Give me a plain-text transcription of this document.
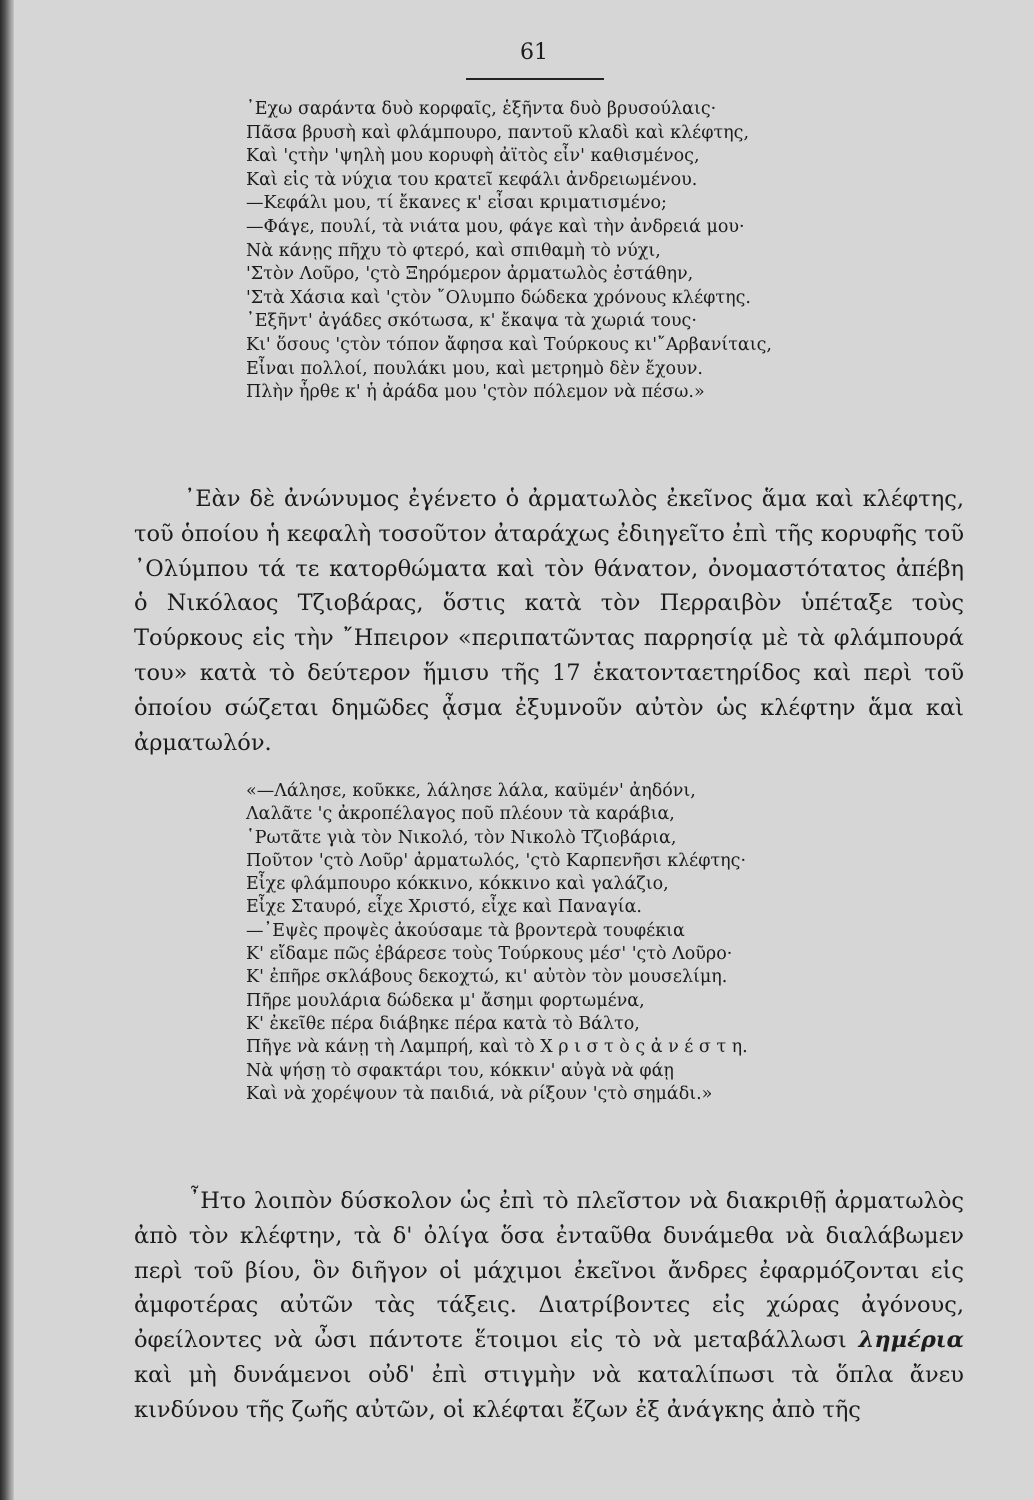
61
᾿Εχω σαράντα δυὸ κορφαῖς, ἑξῆντα δυὸ βρυσούλαις·
Πᾶσα βρυσὴ καὶ φλάμπουρο, παντοῦ κλαδὶ καὶ κλέφτης,
Καὶ 'ςτὴν 'ψηλὴ μου κορυφὴ ἀϊτὸς εἶν' καθισμένος,
Καὶ εἰς τὰ νύχια του κρατεῖ κεφάλι ἀνδρειωμένου.
—Κεφάλι μου, τί ἔκανες κ' εἶσαι κριματισμένο;
—Φάγε, πουλί, τὰ νιάτα μου, φάγε καὶ τὴν ἀνδρειά μου·
Νὰ κάνῃς πῆχυ τὸ φτερό, καὶ σπιθαμὴ τὸ νύχι,
'Στὸν Λοῦρο, 'ςτὸ Ξηρόμερον ἀρματωλὸς ἐστάθην,
'Στὰ Χάσια καὶ 'ςτὸν ῎Ολυμπο δώδεκα χρόνους κλέφτης.
᾿Εξῆντ' ἀγάδες σκότωσα, κ' ἔκαψα τὰ χωριά τους·
Κι' ὅσους 'ςτὸν τόπον ἄφησα καὶ Τούρκους κι'῎Αρβανίταις,
Εἶναι πολλοί, πουλάκι μου, καὶ μετρημὸ δὲν ἔχουν.
Πλὴν ἦρθε κ' ἡ ἀράδα μου 'ςτὸν πόλεμον νὰ πέσω.»

᾿Εὰν δὲ ἀνώνυμος ἐγένετο ὁ ἀρματωλὸς ἐκεῖνος ἅμα καὶ κλέφτης, τοῦ ὁποίου ἡ κεφαλὴ τοσοῦτον ἀταράχως ἐδιηγεῖτο ἐπὶ τῆς κορυφῆς τοῦ ᾿Ολύμπου τά τε κατορθώματα καὶ τὸν θάνατον, ὀνομαστότατος ἀπέβη ὁ Νικόλαος Τζιοβάρας, ὅστις κατὰ τὸν Περραιβὸν ὑπέταξε τοὺς Τούρκους εἰς τὴν ῎Ηπειρον «περιπατῶντας παρρησίᾳ μὲ τὰ φλάμπουρά του» κατὰ τὸ δεύτερον ἥμισυ τῆς 17 ἑκατονταετηρίδος καὶ περὶ τοῦ ὁποίου σώζεται δημῶδες ᾆσμα ἐξυμνοῦν αὐτὸν ὡς κλέφτην ἅμα καὶ ἀρματωλόν.

«—Λάλησε, κοῦκκε, λάλησε λάλα, καϋμέν' ἀηδόνι,
Λαλᾶτε 'ς ἀκροπέλαγος ποῦ πλέουν τὰ καράβια,
῾Ρωτᾶτε γιὰ τὸν Νικολό, τὸν Νικολὸ Τζιοβάρια,
Ποῦτον 'ςτὸ Λοῦρ' ἀρματωλός, 'ςτὸ Καρπενῆσι κλέφτης·
Εἶχε φλάμπουρο κόκκινο, κόκκινο καὶ γαλάζιο,
Εἶχε Σταυρό, εἶχε Χριστό, εἶχε καὶ Παναγία.
—᾿Εψὲς προψὲς ἀκούσαμε τὰ βροντερὰ τουφέκια
Κ' εἴδαμε πῶς ἐβάρεσε τοὺς Τούρκους μέσ' 'ςτὸ Λοῦρο·
Κ' ἐπῆρε σκλάβους δεκοχτώ, κι' αὐτὸν τὸν μουσελίμη.
Πῆρε μουλάρια δώδεκα μ' ἄσημι φορτωμένα,
Κ' ἐκεῖθε πέρα διάβηκε πέρα κατὰ τὸ Βάλτο,
Πῆγε νὰ κάνῃ τὴ Λαμπρή, καὶ τὸ Χ ρ ι σ τ ὸ ς ἀ ν έ σ τ η.
Νὰ ψήσῃ τὸ σφακτάρι του, κόκκιν' αὐγὰ νὰ φάῃ
Καὶ νὰ χορέψουν τὰ παιδιά, νὰ ρίξουν 'ςτὸ σημάδι.»

῏Ητο λοιπὸν δύσκολον ὡς ἐπὶ τὸ πλεῖστον νὰ διακριθῇ ἀρματωλὸς ἀπὸ τὸν κλέφτην, τὰ δ' ὀλίγα ὅσα ἐνταῦθα δυνάμεθα νὰ διαλάβωμεν περὶ τοῦ βίου, ὃν διῆγον οἱ μάχιμοι ἐκεῖνοι ἄνδρες ἐφαρμόζονται εἰς ἀμφοτέρας αὐτῶν τὰς τάξεις. Διατρίβοντες εἰς χώρας ἀγόνους, ὀφείλοντες νὰ ὦσι πάντοτε ἕτοιμοι εἰς τὸ νὰ μεταβάλλωσι λημέρια καὶ μὴ δυνάμενοι οὐδ' ἐπὶ στιγμὴν νὰ καταλίπωσι τὰ ὅπλα ἄνευ κινδύνου τῆς ζωῆς αὐτῶν, οἱ κλέφται ἔζων ἐξ ἀνάγκης ἀπὸ τῆς
